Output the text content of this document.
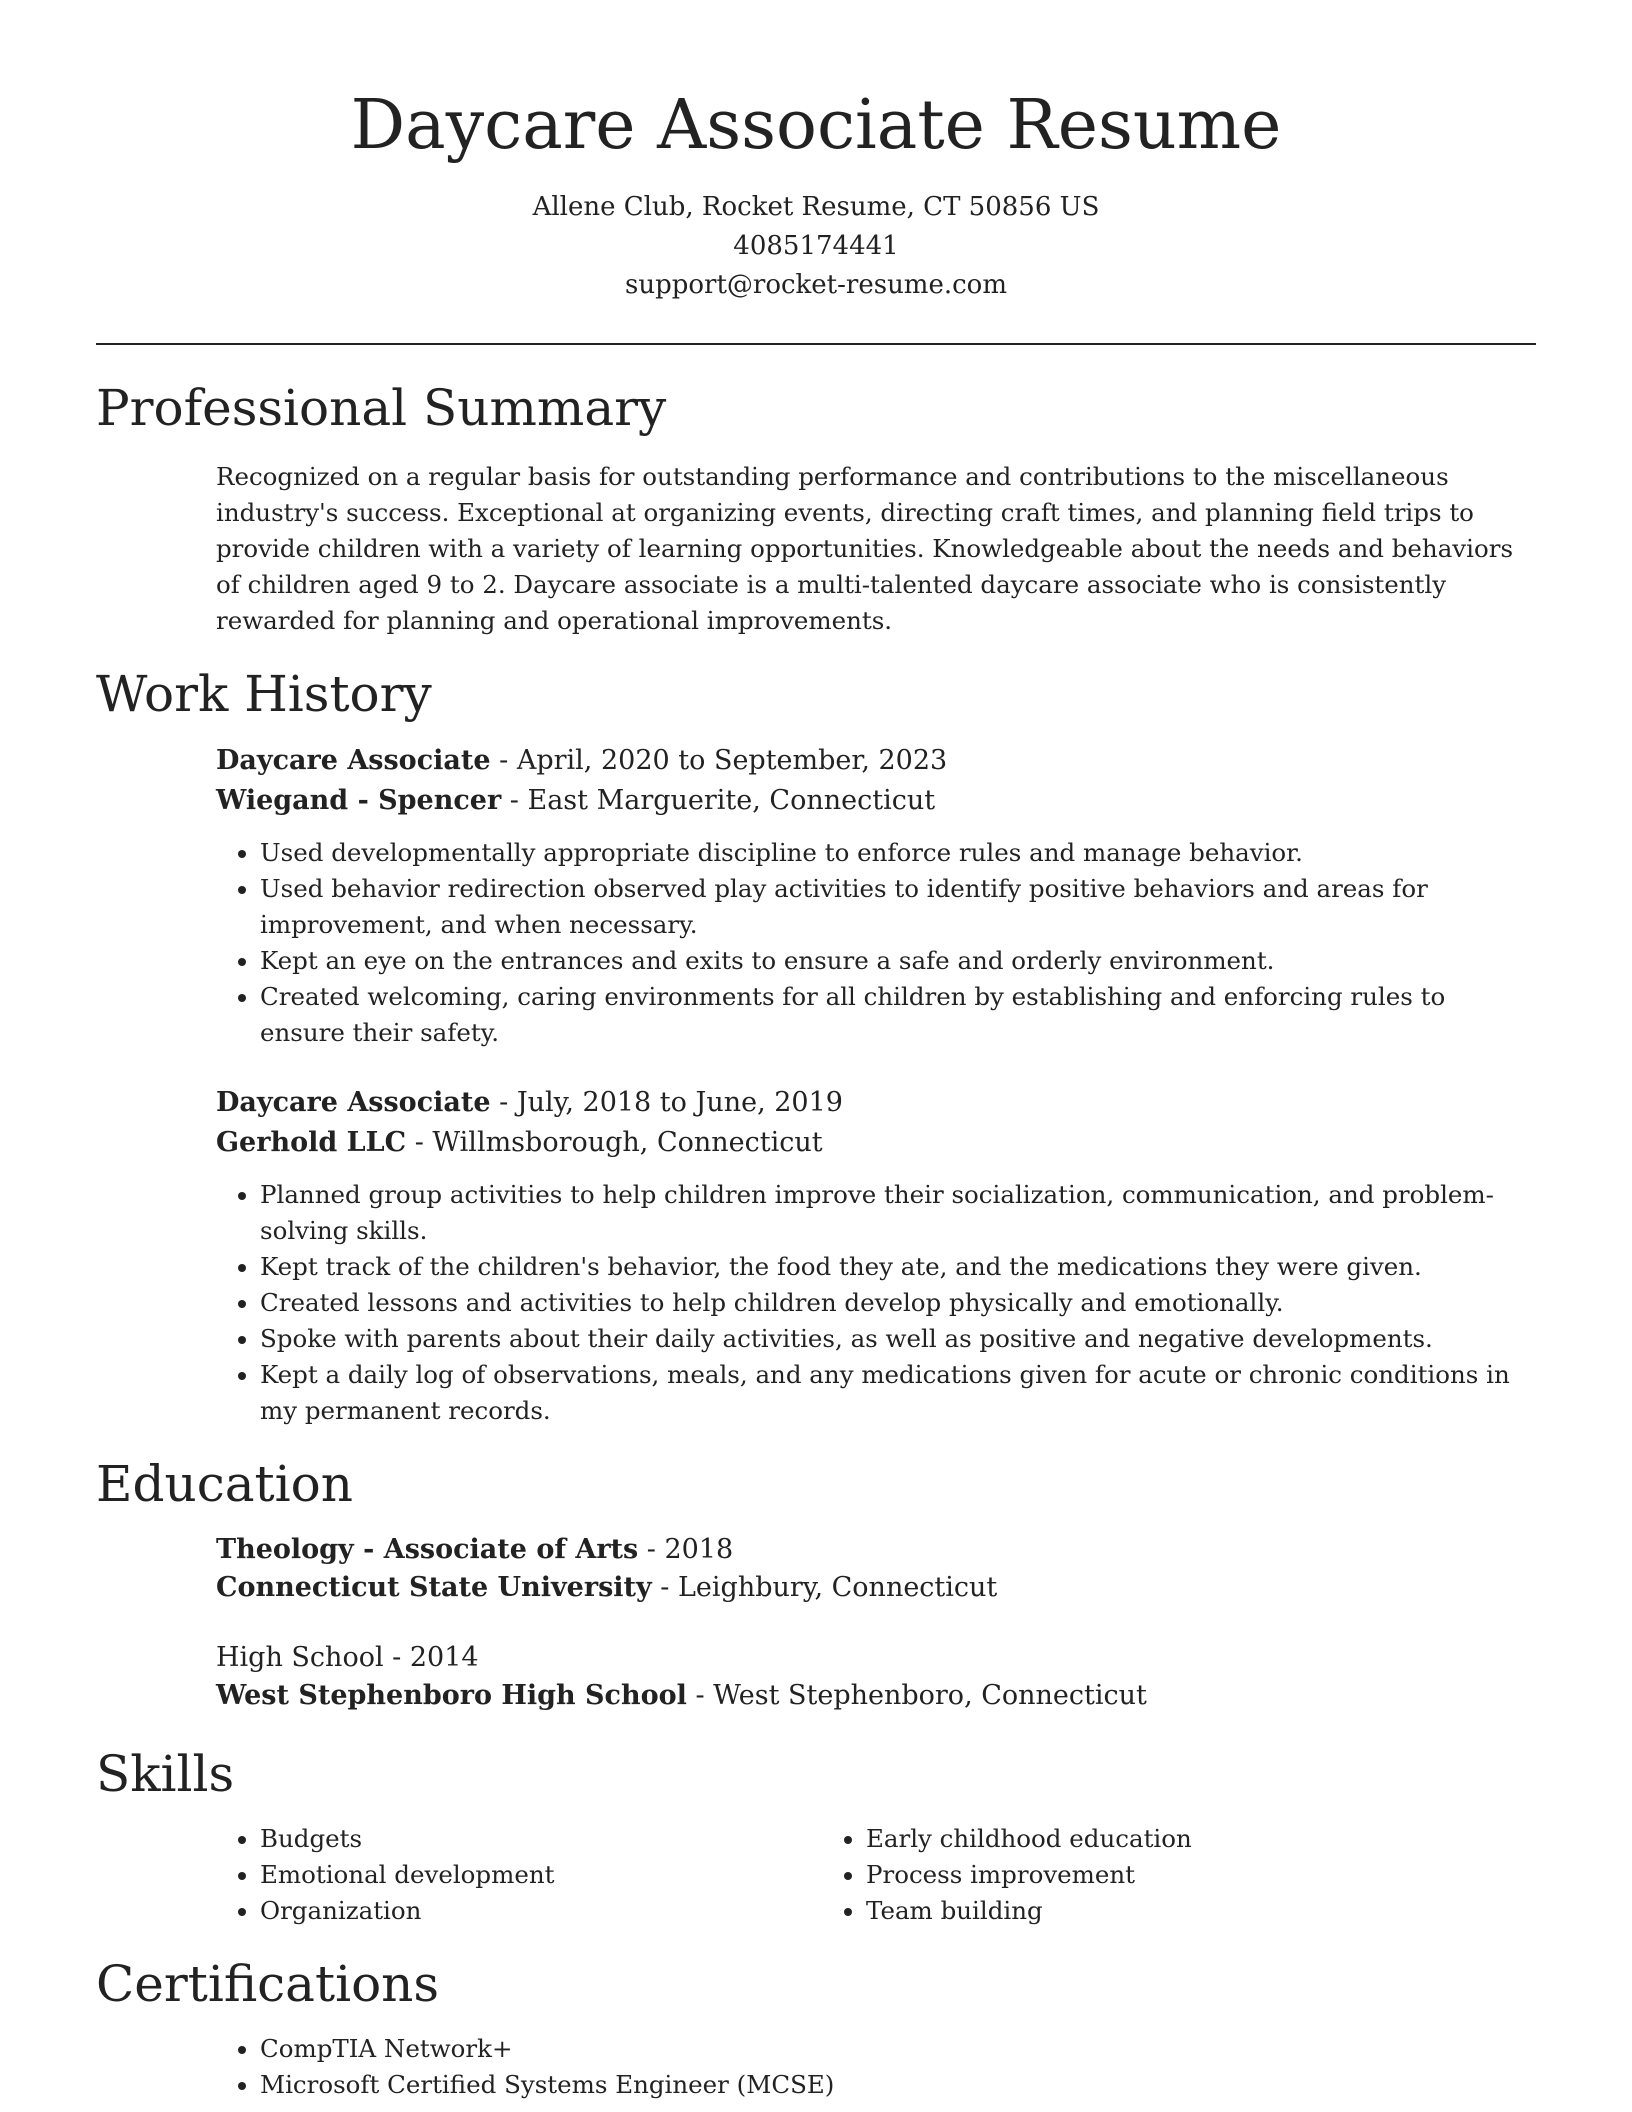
Daycare Associate Resume
Allene Club, Rocket Resume, CT 50856 US
4085174441
support@rocket-resume.com
Professional Summary

Recognized on a regular basis for outstanding performance and contributions to the miscellaneous industry's success. Exceptional at organizing events, directing craft times, and planning field trips to provide children with a variety of learning opportunities. Knowledgeable about the needs and behaviors of children aged 9 to 2. Daycare associate is a multi-talented daycare associate who is consistently rewarded for planning and operational improvements.

Work History
Daycare Associate - April, 2020 to September, 2023
Wiegand - Spencer - East Marguerite, Connecticut
• Used developmentally appropriate discipline to enforce rules and manage behavior.
• Used behavior redirection observed play activities to identify positive behaviors and areas for improvement, and when necessary.
• Kept an eye on the entrances and exits to ensure a safe and orderly environment.
• Created welcoming, caring environments for all children by establishing and enforcing rules to ensure their safety.
Daycare Associate - July, 2018 to June, 2019
Gerhold LLC - Willmsborough, Connecticut
• Planned group activities to help children improve their socialization, communication, and problem-solving skills.
• Kept track of the children's behavior, the food they ate, and the medications they were given.
• Created lessons and activities to help children develop physically and emotionally.
• Spoke with parents about their daily activities, as well as positive and negative developments.
• Kept a daily log of observations, meals, and any medications given for acute or chronic conditions in my permanent records.
Education
Theology - Associate of Arts - 2018
Connecticut State University - Leighbury, Connecticut
High School - 2014
West Stephenboro High School - West Stephenboro, Connecticut
Skills
• Budgets
• Emotional development
• Organization
• Early childhood education
• Process improvement
• Team building
Certifications
• CompTIA Network+
• Microsoft Certified Systems Engineer (MCSE)
